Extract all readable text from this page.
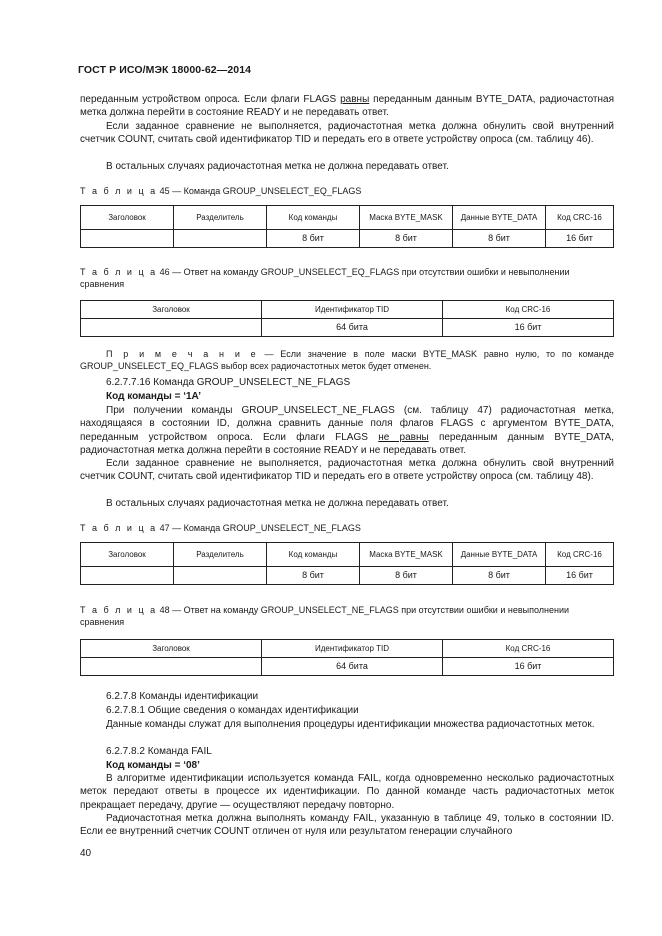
ГОСТ Р ИСО/МЭК 18000-62—2014
переданным устройством опроса. Если флаги FLAGS равны переданным данным BYTE_DATA, радиочастотная метка должна перейти в состояние READY и не передавать ответ.
Если заданное сравнение не выполняется, радиочастотная метка должна обнулить свой внутренний счетчик COUNT, считать свой идентификатор TID и передать его в ответе устройству опроса (см. таблицу 46).
В остальных случаях радиочастотная метка не должна передавать ответ.
Т а б л и ц а 45 — Команда GROUP_UNSELECT_EQ_FLAGS
Заголовок	Разделитель	Код команды	Маска BYTE_MASK	Данные BYTE_DATA	Код CRC-16
		8 бит	8 бит	8 бит	16 бит
Т а б л и ц а 46 — Ответ на команду GROUP_UNSELECT_EQ_FLAGS при отсутствии ошибки и невыполнении сравнения
Заголовок	Идентификатор TID	Код CRC-16
	64 бита	16 бит
П р и м е ч а н и е — Если значение в поле маски BYTE_MASK равно нулю, то по команде GROUP_UNSELECT_EQ_FLAGS выбор всех радиочастотных меток будет отменен.
6.2.7.7.16 Команда GROUP_UNSELECT_NE_FLAGS
Код команды = ‘1A’
При получении команды GROUP_UNSELECT_NE_FLAGS (см. таблицу 47) радиочастотная метка, находящаяся в состоянии ID, должна сравнить данные поля флагов FLAGS с аргументом BYTE_DATA, переданным устройством опроса. Если флаги FLAGS не равны переданным данным BYTE_DATA, радиочастотная метка должна перейти в состояние READY и не передавать ответ.
Если заданное сравнение не выполняется, радиочастотная метка должна обнулить свой внутренний счетчик COUNT, считать свой идентификатор TID и передать его в ответе устройству опроса (см. таблицу 48).
В остальных случаях радиочастотная метка не должна передавать ответ.
Т а б л и ц а 47 — Команда GROUP_UNSELECT_NE_FLAGS
Заголовок	Разделитель	Код команды	Маска BYTE_MASK	Данные BYTE_DATA	Код CRC-16
		8 бит	8 бит	8 бит	16 бит
Т а б л и ц а 48 — Ответ на команду GROUP_UNSELECT_NE_FLAGS при отсутствии ошибки и невыполнении сравнения
Заголовок	Идентификатор TID	Код CRC-16
	64 бита	16 бит
6.2.7.8 Команды идентификации
6.2.7.8.1 Общие сведения о командах идентификации
Данные команды служат для выполнения процедуры идентификации множества радиочастотных меток.
6.2.7.8.2 Команда FAIL
Код команды = ‘08’
В алгоритме идентификации используется команда FAIL, когда одновременно несколько радиочастотных меток передают ответы в процессе их идентификации. По данной команде часть радиочастотных меток прекращает передачу, другие — осуществляют передачу повторно.
Радиочастотная метка должна выполнять команду FAIL, указанную в таблице 49, только в состоянии ID. Если ее внутренний счетчик COUNT отличен от нуля или результатом генерации случайного
40
